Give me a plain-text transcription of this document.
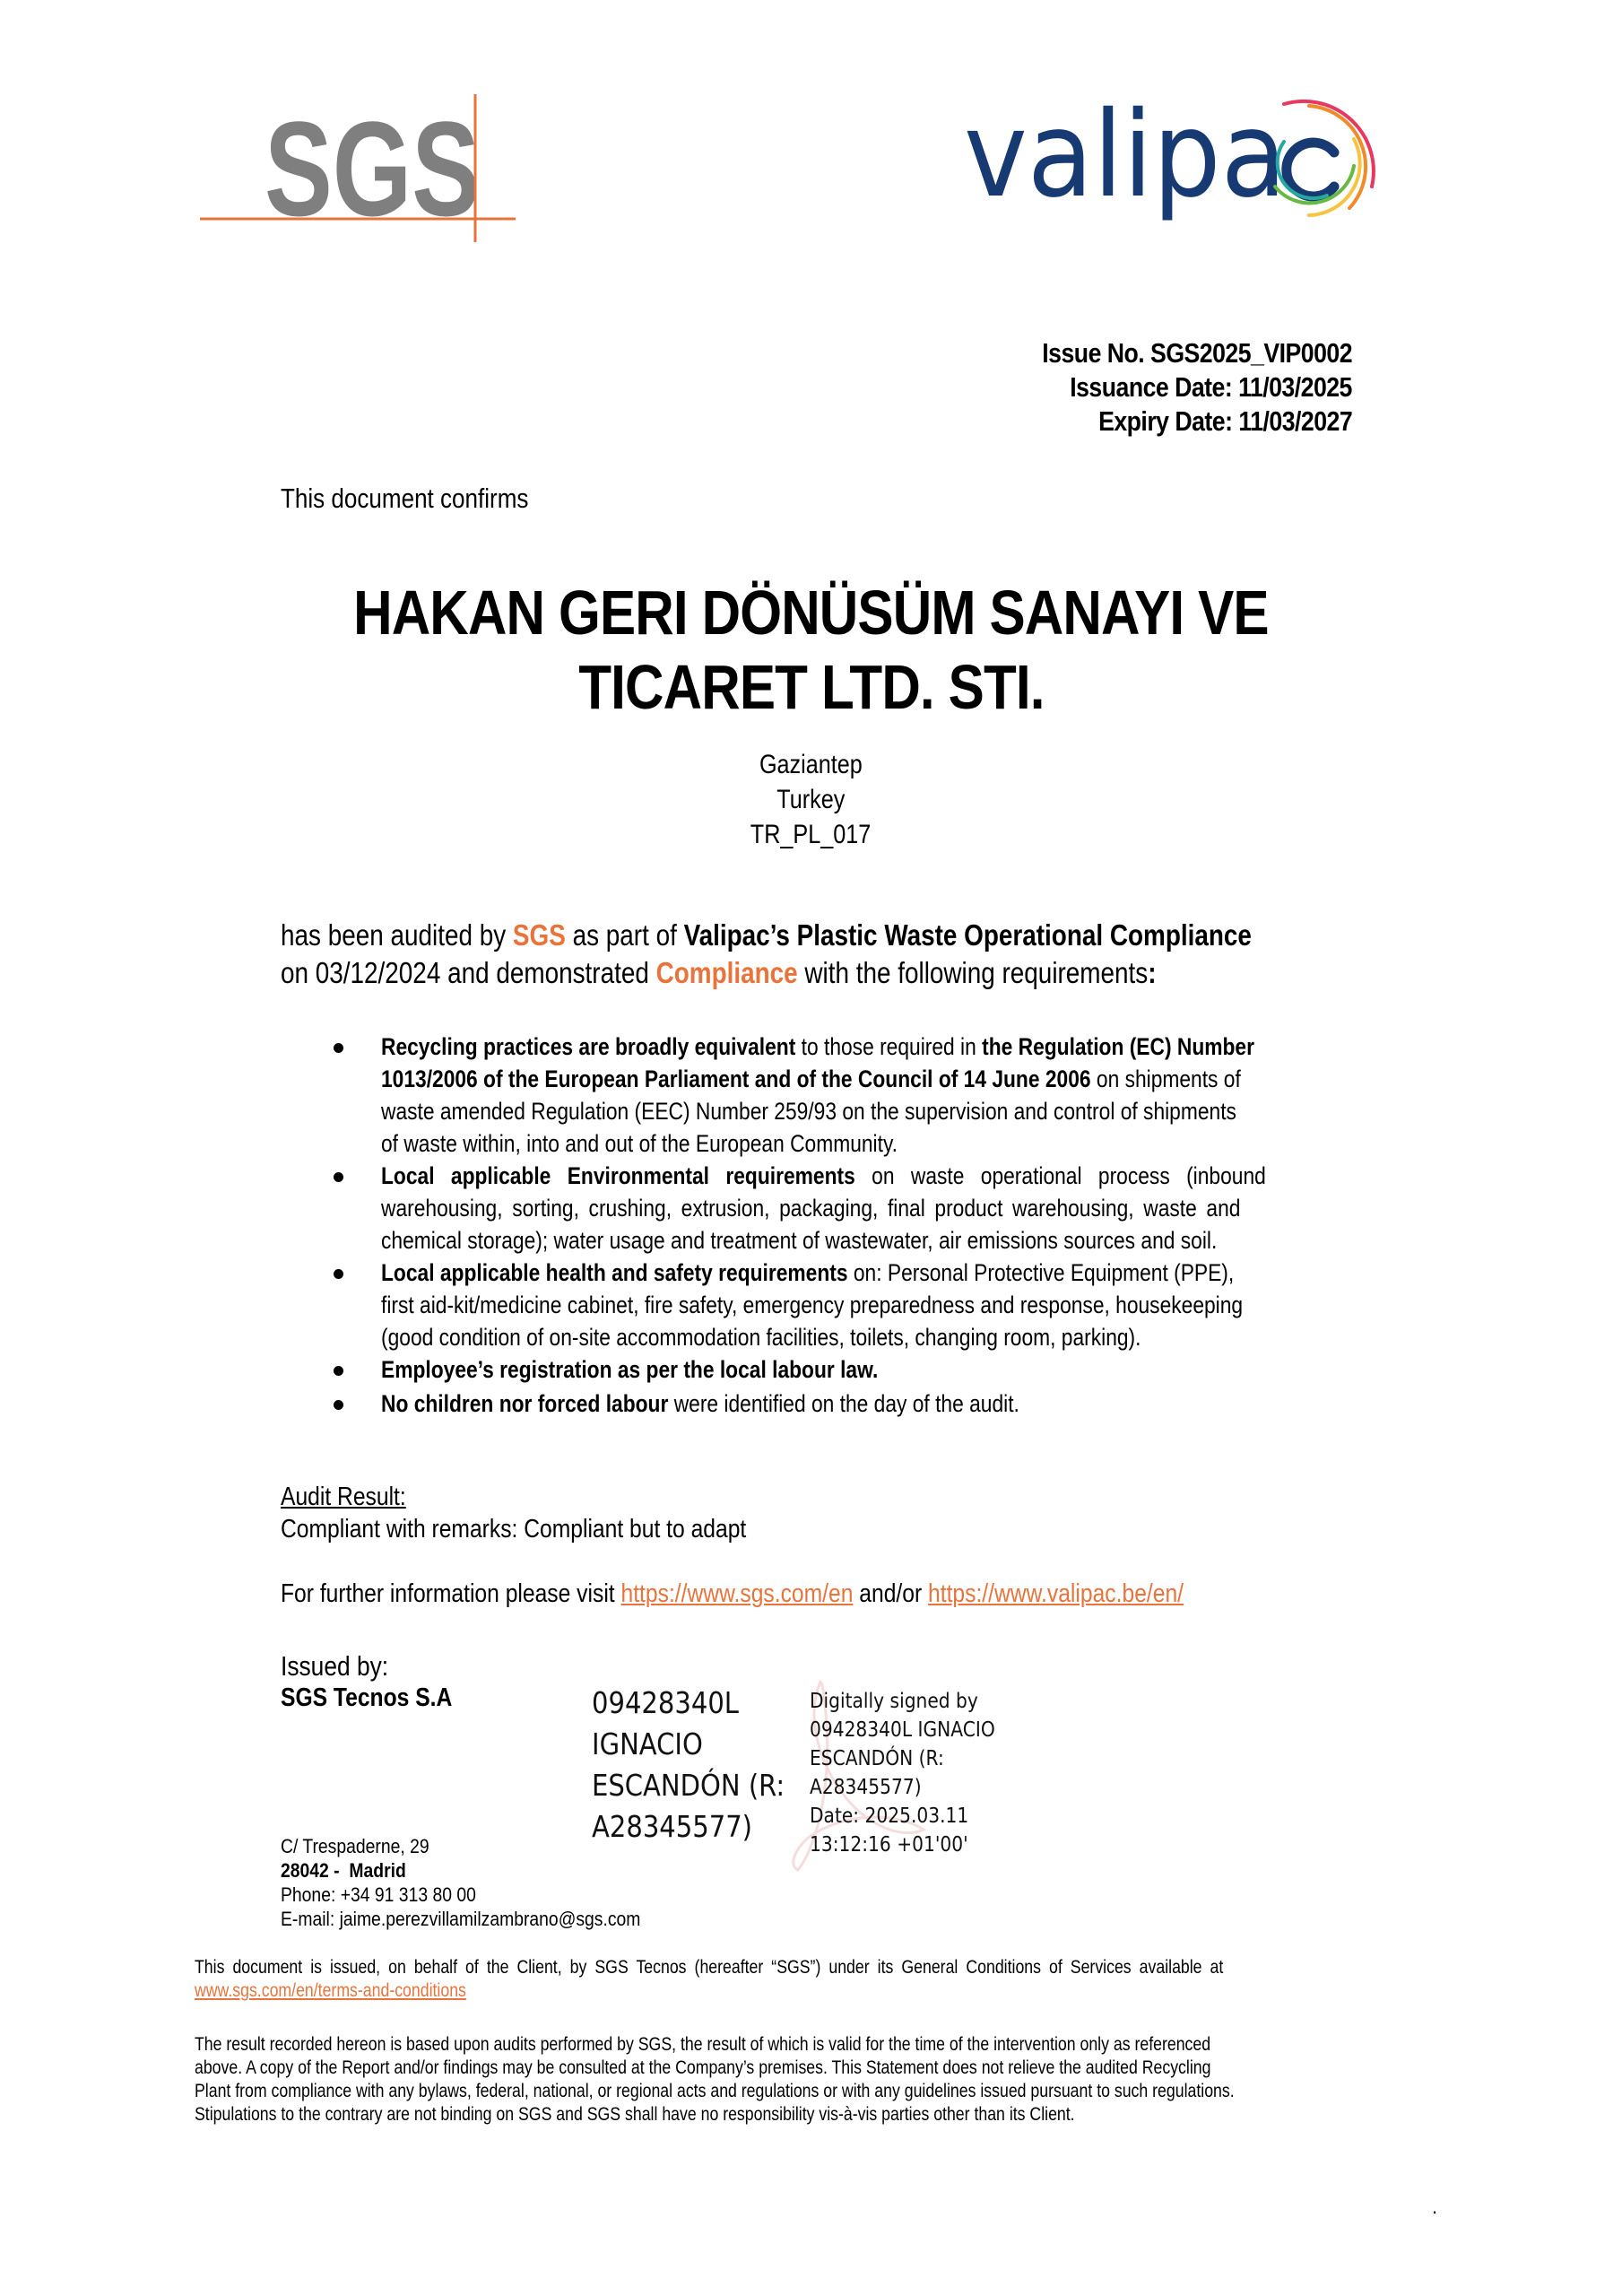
SGS	valipa
Issue No. SGS2025_VIP0002
Issuance Date: 11/03/2025
Expiry Date: 11/03/2027
This document confirms
HAKAN GERI DÖNÜSÜM SANAYI VE
TICARET LTD. STI.
Gaziantep
Turkey
TR_PL_017
has been audited by SGS as part of Valipac’s Plastic Waste Operational Compliance
on 03/12/2024 and demonstrated Compliance with the following requirements:
Recycling practices are broadly equivalent to those required in the Regulation (EC) Number
1013/2006 of the European Parliament and of the Council of 14 June 2006 on shipments of
waste amended Regulation (EEC) Number 259/93 on the supervision and control of shipments
of waste within, into and out of the European Community.
Local applicable Environmental requirements on waste operational process (inbound
warehousing, sorting, crushing, extrusion, packaging, final product warehousing, waste and
chemical storage); water usage and treatment of wastewater, air emissions sources and soil.
Local applicable health and safety requirements on: Personal Protective Equipment (PPE),
first aid-kit/medicine cabinet, fire safety, emergency preparedness and response, housekeeping
(good condition of on-site accommodation facilities, toilets, changing room, parking).
Employee’s registration as per the local labour law.
No children nor forced labour were identified on the day of the audit.
Audit Result:
Compliant with remarks: Compliant but to adapt
For further information please visit https://www.sgs.com/en and/or https://www.valipac.be/en/
Issued by:
SGS Tecnos S.A	09428340L
IGNACIO
ESCANDÓN (R:
A28345577)
Digitally signed by
09428340L IGNACIO
ESCANDÓN (R:
A28345577)
Date: 2025.03.11
13:12:16 +01'00'
C/ Trespaderne, 29
28042 -  Madrid
Phone: +34 91 313 80 00
E-mail: jaime.perezvillamilzambrano@sgs.com
This document is issued, on behalf of the Client, by SGS Tecnos (hereafter “SGS”) under its General Conditions of Services available at
www.sgs.com/en/terms-and-conditions
The result recorded hereon is based upon audits performed by SGS, the result of which is valid for the time of the intervention only as referenced
above. A copy of the Report and/or findings may be consulted at the Company’s premises. This Statement does not relieve the audited Recycling
Plant from compliance with any bylaws, federal, national, or regional acts and regulations or with any guidelines issued pursuant to such regulations.
Stipulations to the contrary are not binding on SGS and SGS shall have no responsibility vis-à-vis parties other than its Client.
.
